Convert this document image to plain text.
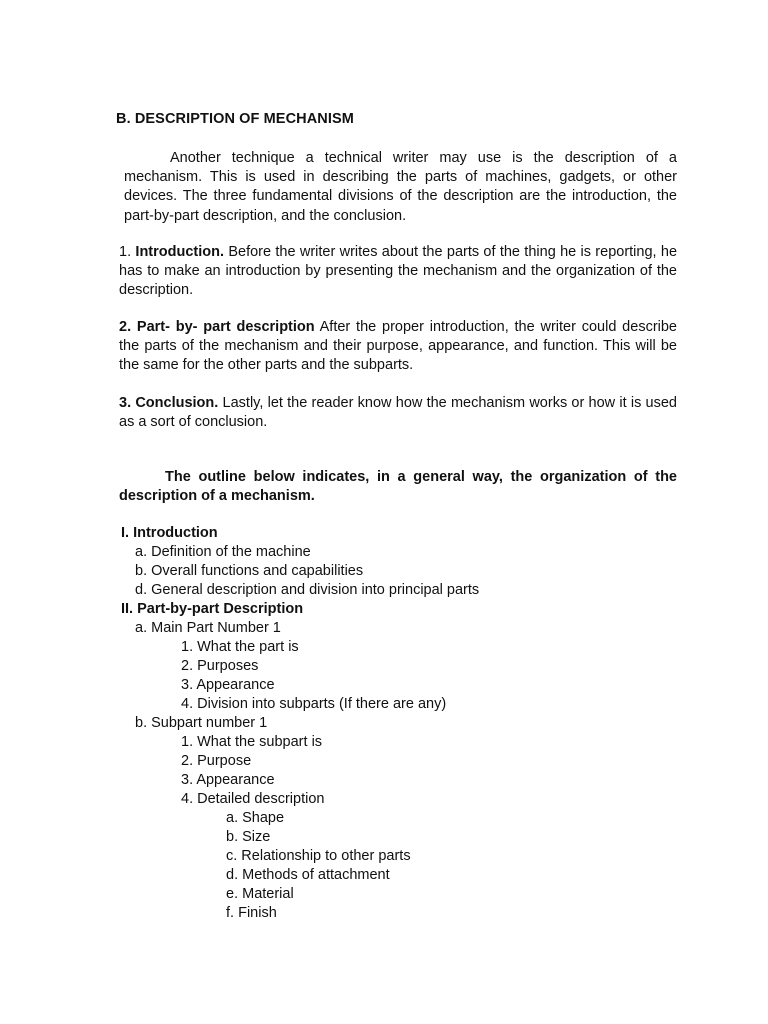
B. DESCRIPTION OF MECHANISM
Another technique a technical writer may use is the description of a mechanism. This is used in describing the parts of machines, gadgets, or other devices. The three fundamental divisions of the description are the introduction, the part-by-part description, and the conclusion.
1. Introduction. Before the writer writes about the parts of the thing he is reporting, he has to make an introduction by presenting the mechanism and the organization of the description.
2. Part- by- part description After the proper introduction, the writer could describe the parts of the mechanism and their purpose, appearance, and function. This will be the same for the other parts and the subparts.
3. Conclusion. Lastly, let the reader know how the mechanism works or how it is used as a sort of conclusion.
The outline below indicates, in a general way, the organization of the description of a mechanism.
I. Introduction
a. Definition of the machine
b. Overall functions and capabilities
d. General description and division into principal parts
II. Part-by-part Description
a. Main Part Number 1
1. What the part is
2. Purposes
3. Appearance
4. Division into subparts (If there are any)
b. Subpart number 1
1. What the subpart is
2. Purpose
3. Appearance
4. Detailed description
a. Shape
b. Size
c. Relationship to other parts
d. Methods of attachment
e. Material
f. Finish
